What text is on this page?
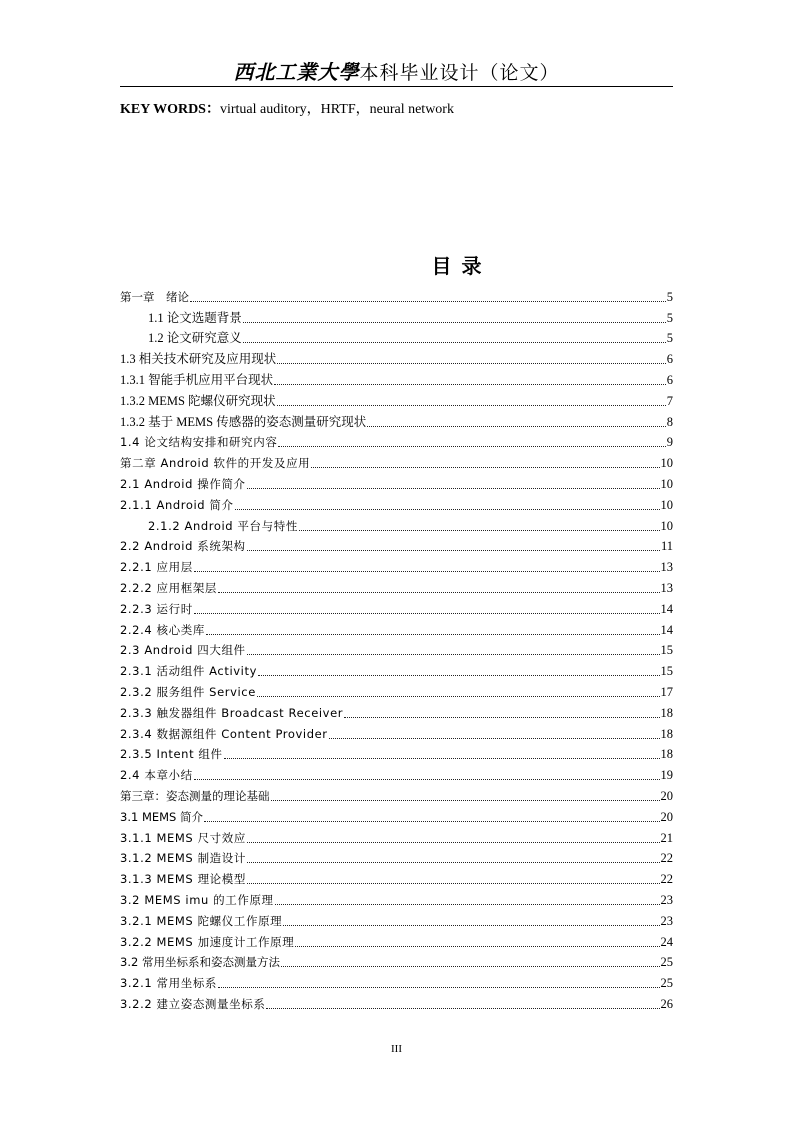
西北工業大學本科毕业设计（论文）
KEY WORDS：virtual auditory，HRTF，neural network
目录
第一章　绪论	5
1.1 论文选题背景	5
1.2 论文研究意义	5
1.3 相关技术研究及应用现状	6
1.3.1 智能手机应用平台现状	6
1.3.2 MEMS 陀螺仪研究现状	7
1.3.2 基于 MEMS 传感器的姿态测量研究现状	8
1.4 论文结构安排和研究内容	9
第二章 Android 软件的开发及应用	10
2.1 Android 操作简介	10
2.1.1 Android 简介	10
2.1.2 Android 平台与特性	10
2.2 Android 系统架构	11
2.2.1 应用层	13
2.2.2 应用框架层	13
2.2.3 运行时	14
2.2.4 核心类库	14
2.3 Android 四大组件	15
2.3.1 活动组件 Activity	15
2.3.2 服务组件 Service	17
2.3.3 触发器组件 Broadcast Receiver	18
2.3.4 数据源组件 Content Provider	18
2.3.5 Intent 组件	18
2.4 本章小结	19
第三章：姿态测量的理论基础	20
3.1 MEMS 简介	20
3.1.1 MEMS 尺寸效应	21
3.1.2 MEMS 制造设计	22
3.1.3 MEMS 理论模型	22
3.2 MEMS imu 的工作原理	23
3.2.1 MEMS 陀螺仪工作原理	23
3.2.2 MEMS 加速度计工作原理	24
3.2 常用坐标系和姿态测量方法	25
3.2.1 常用坐标系	25
3.2.2 建立姿态测量坐标系	26
III
